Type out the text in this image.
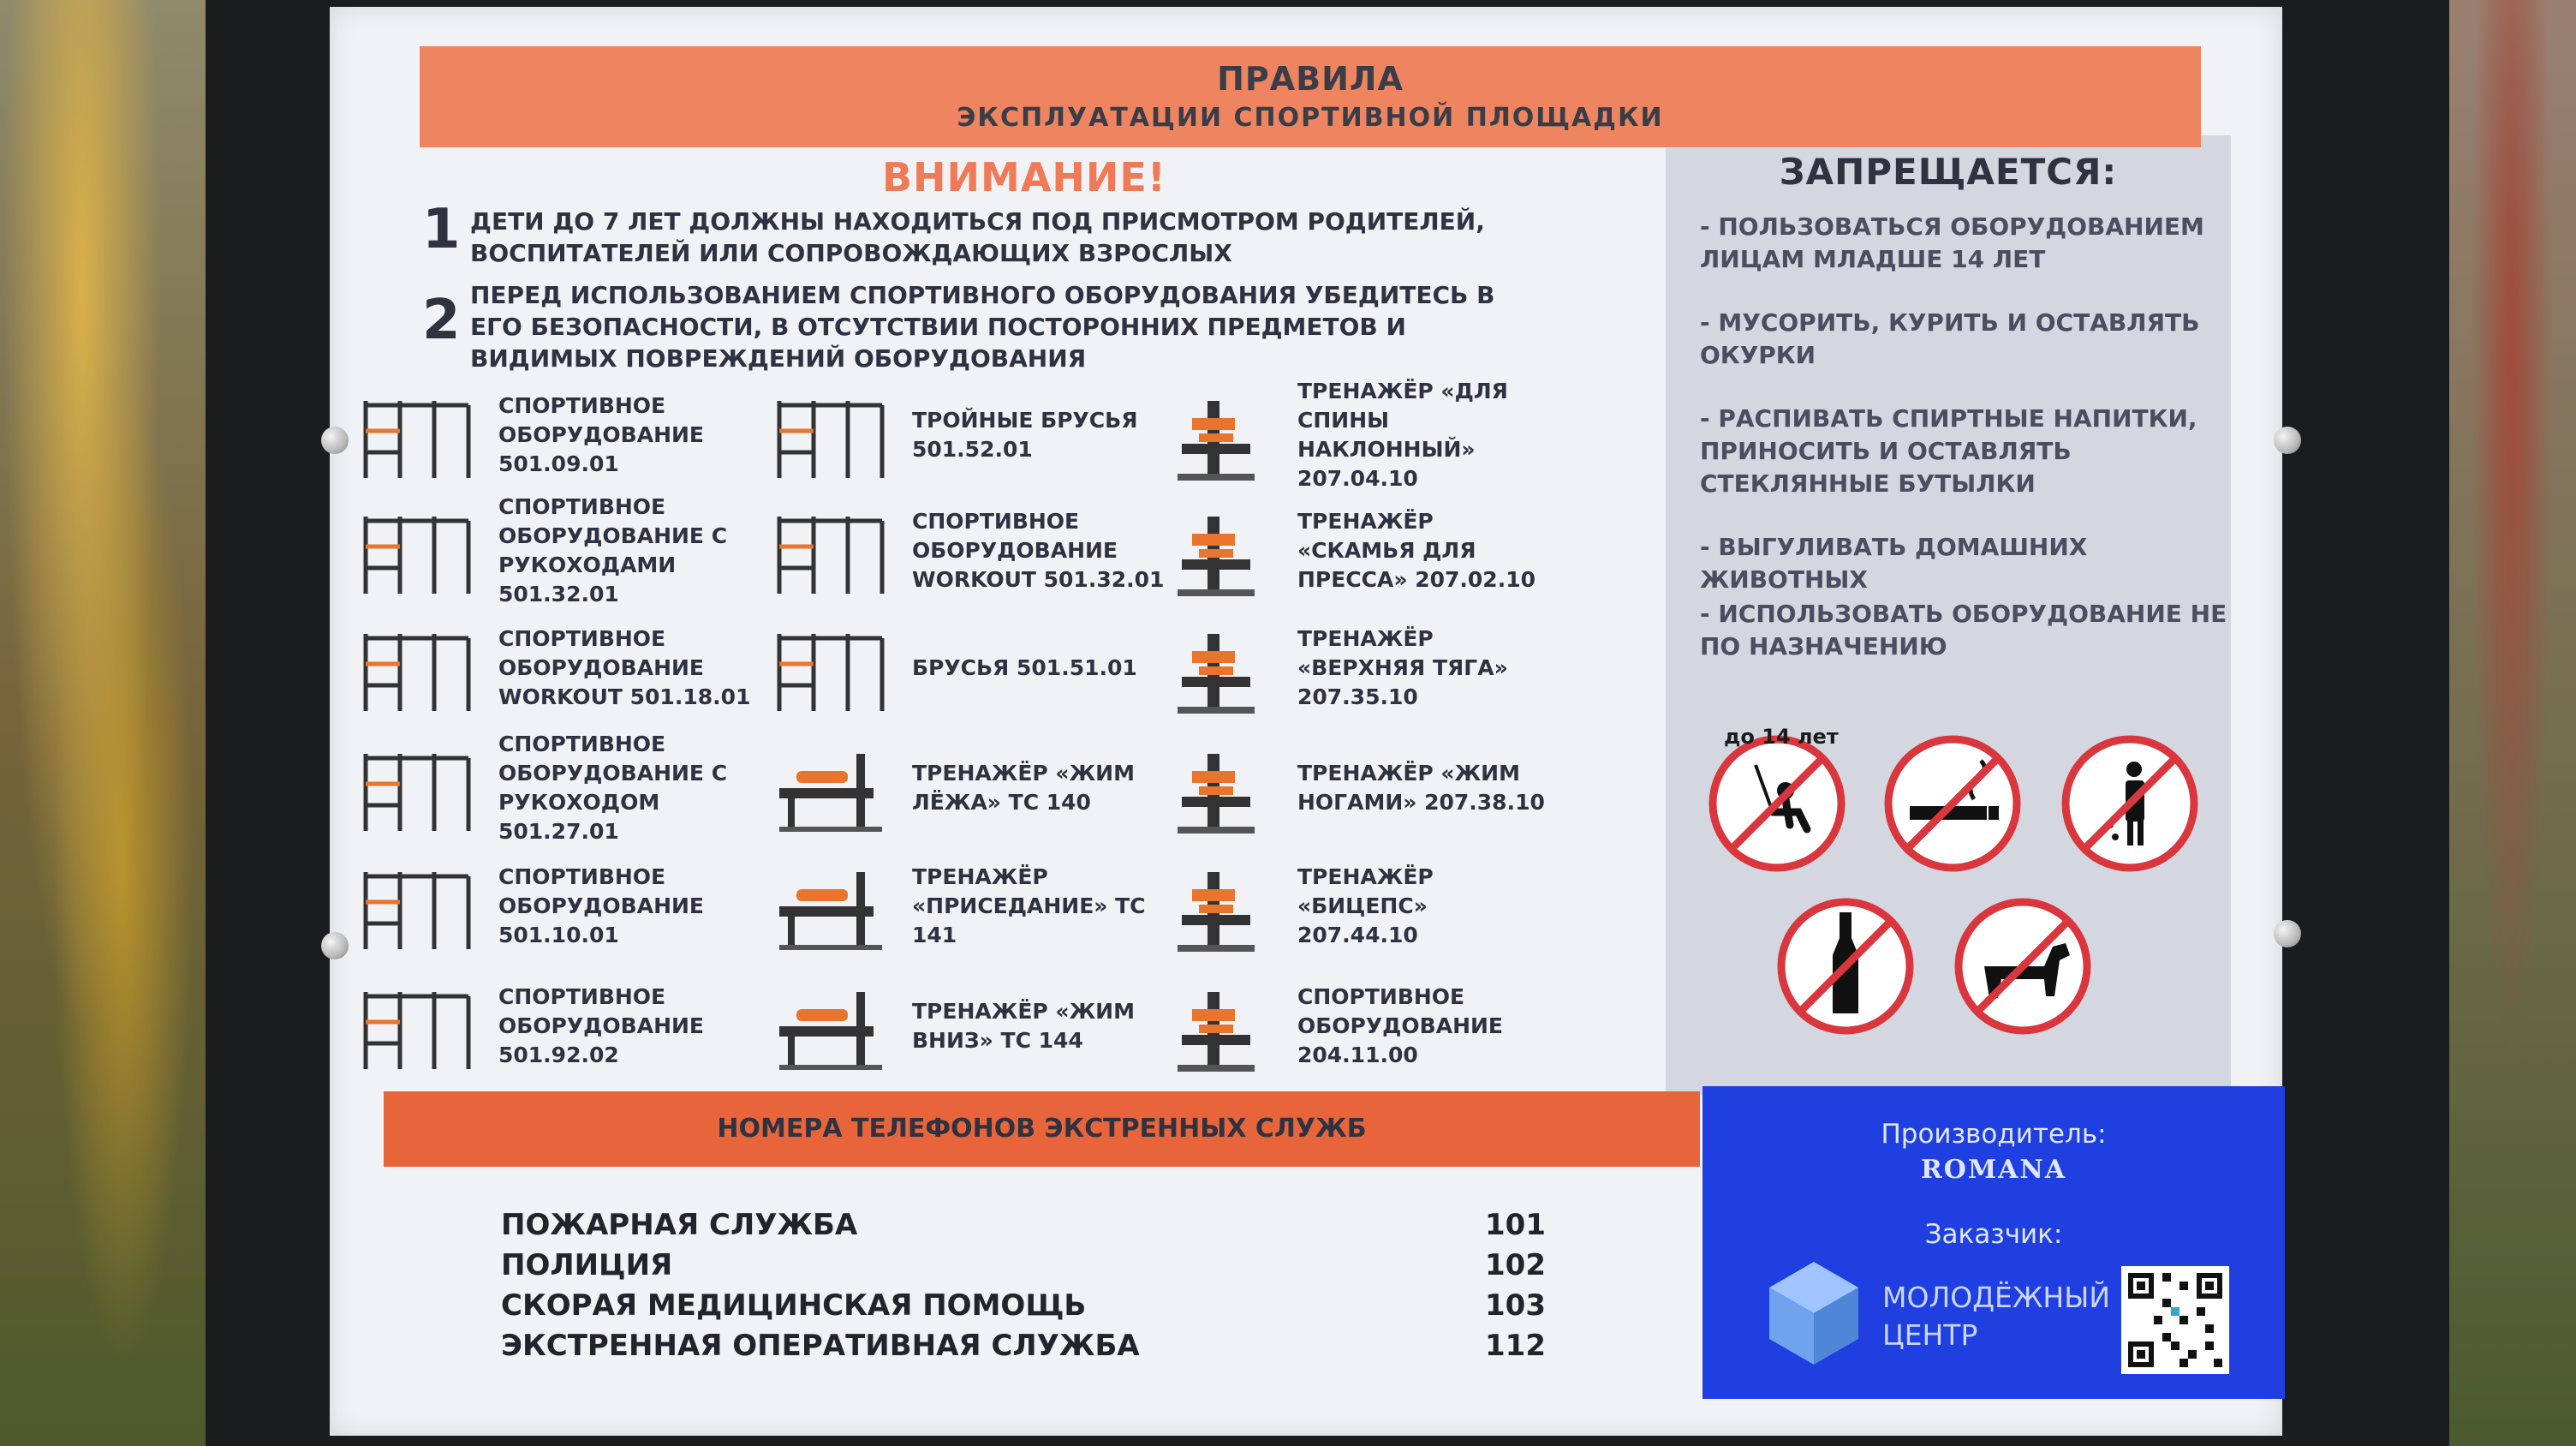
ПРАВИЛА
ЭКСПЛУАТАЦИИ СПОРТИВНОЙ ПЛОЩАДКИ
ВНИМАНИЕ!
1 ДЕТИ ДО 7 ЛЕТ ДОЛЖНЫ НАХОДИТЬСЯ ПОД ПРИСМОТРОМ РОДИТЕЛЕЙ, ВОСПИТАТЕЛЕЙ ИЛИ СОПРОВОЖДАЮЩИХ ВЗРОСЛЫХ
2 ПЕРЕД ИСПОЛЬЗОВАНИЕМ СПОРТИВНОГО ОБОРУДОВАНИЯ УБЕДИТЕСЬ В ЕГО БЕЗОПАСНОСТИ, В ОТСУТСТВИИ ПОСТОРОННИХ ПРЕДМЕТОВ И ВИДИМЫХ ПОВРЕЖДЕНИЙ ОБОРУДОВАНИЯ
ЗАПРЕЩАЕТСЯ:
- ПОЛЬЗОВАТЬСЯ ОБОРУДОВАНИЕМ ЛИЦАМ МЛАДШЕ 14 ЛЕТ
- МУСОРИТЬ, КУРИТЬ И ОСТАВЛЯТЬ ОКУРКИ
- РАСПИВАТЬ СПИРТНЫЕ НАПИТКИ, ПРИНОСИТЬ И ОСТАВЛЯТЬ СТЕКЛЯННЫЕ БУТЫЛКИ
- ВЫГУЛИВАТЬ ДОМАШНИХ ЖИВОТНЫХ
- ИСПОЛЬЗОВАТЬ ОБОРУДОВАНИЕ НЕ ПО НАЗНАЧЕНИЮ
до 14 лет
НОМЕРА ТЕЛЕФОНОВ ЭКСТРЕННЫХ СЛУЖБ
ПОЖАРНАЯ СЛУЖБА	101
ПОЛИЦИЯ	102
СКОРАЯ МЕДИЦИНСКАЯ ПОМОЩЬ	103
ЭКСТРЕННАЯ ОПЕРАТИВНАЯ СЛУЖБА	112
Производитель:
ROMANA
Заказчик:
МОЛОДЁЖНЫЙ
ЦЕНТР
СПОРТИВНОЕ ОБОРУДОВАНИЕ 501.09.01
СПОРТИВНОЕ ОБОРУДОВАНИЕ С РУКОХОДАМИ 501.32.01
СПОРТИВНОЕ ОБОРУДОВАНИЕ WORKOUT 501.18.01
СПОРТИВНОЕ ОБОРУДОВАНИЕ С РУКОХОДОМ 501.27.01
СПОРТИВНОЕ ОБОРУДОВАНИЕ 501.10.01
СПОРТИВНОЕ ОБОРУДОВАНИЕ 501.92.02
ТРОЙНЫЕ БРУСЬЯ 501.52.01
СПОРТИВНОЕ ОБОРУДОВАНИЕ WORKOUT 501.32.01
БРУСЬЯ 501.51.01
ТРЕНАЖЁР «ЖИМ ЛЁЖА» ТС 140
ТРЕНАЖЁР «ПРИСЕДАНИЕ» ТС 141
ТРЕНАЖЁР «ЖИМ ВНИЗ» ТС 144
ТРЕНАЖЁР «ДЛЯ СПИНЫ НАКЛОННЫЙ» 207.04.10
ТРЕНАЖЁР «СКАМЬЯ ДЛЯ ПРЕССА» 207.02.10
ТРЕНАЖЁР «ВЕРХНЯЯ ТЯГА» 207.35.10
ТРЕНАЖЁР «ЖИМ НОГАМИ» 207.38.10
ТРЕНАЖЁР «БИЦЕПС» 207.44.10
СПОРТИВНОЕ ОБОРУДОВАНИЕ 204.11.00
